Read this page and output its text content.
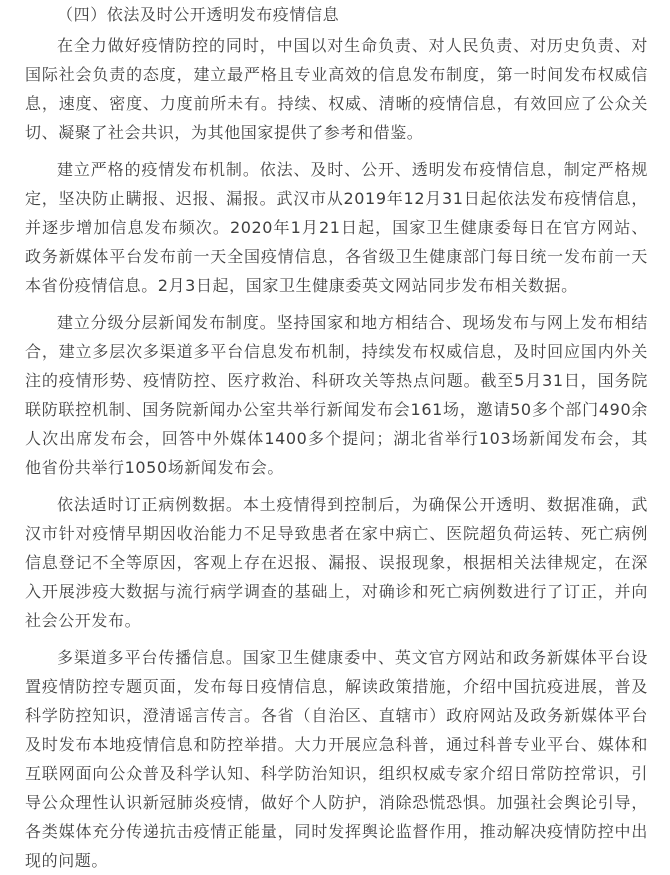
（四）依法及时公开透明发布疫情信息

在全力做好疫情防控的同时，中国以对生命负责、对人民负责、对历史负责、对国际社会负责的态度，建立最严格且专业高效的信息发布制度，第一时间发布权威信息，速度、密度、力度前所未有。持续、权威、清晰的疫情信息，有效回应了公众关切、凝聚了社会共识，为其他国家提供了参考和借鉴。

建立严格的疫情发布机制。依法、及时、公开、透明发布疫情信息，制定严格规定，坚决防止瞒报、迟报、漏报。武汉市从2019年12月31日起依法发布疫情信息，并逐步增加信息发布频次。2020年1月21日起，国家卫生健康委每日在官方网站、政务新媒体平台发布前一天全国疫情信息，各省级卫生健康部门每日统一发布前一天本省份疫情信息。2月3日起，国家卫生健康委英文网站同步发布相关数据。

建立分级分层新闻发布制度。坚持国家和地方相结合、现场发布与网上发布相结合，建立多层次多渠道多平台信息发布机制，持续发布权威信息，及时回应国内外关注的疫情形势、疫情防控、医疗救治、科研攻关等热点问题。截至5月31日，国务院联防联控机制、国务院新闻办公室共举行新闻发布会161场，邀请50多个部门490余人次出席发布会，回答中外媒体1400多个提问；湖北省举行103场新闻发布会，其他省份共举行1050场新闻发布会。

依法适时订正病例数据。本土疫情得到控制后，为确保公开透明、数据准确，武汉市针对疫情早期因收治能力不足导致患者在家中病亡、医院超负荷运转、死亡病例信息登记不全等原因，客观上存在迟报、漏报、误报现象，根据相关法律规定，在深入开展涉疫大数据与流行病学调查的基础上，对确诊和死亡病例数进行了订正，并向社会公开发布。

多渠道多平台传播信息。国家卫生健康委中、英文官方网站和政务新媒体平台设置疫情防控专题页面，发布每日疫情信息，解读政策措施，介绍中国抗疫进展，普及科学防控知识，澄清谣言传言。各省（自治区、直辖市）政府网站及政务新媒体平台及时发布本地疫情信息和防控举措。大力开展应急科普，通过科普专业平台、媒体和互联网面向公众普及科学认知、科学防治知识，组织权威专家介绍日常防控常识，引导公众理性认识新冠肺炎疫情，做好个人防护，消除恐慌恐惧。加强社会舆论引导，各类媒体充分传递抗击疫情正能量，同时发挥舆论监督作用，推动解决疫情防控中出现的问题。
